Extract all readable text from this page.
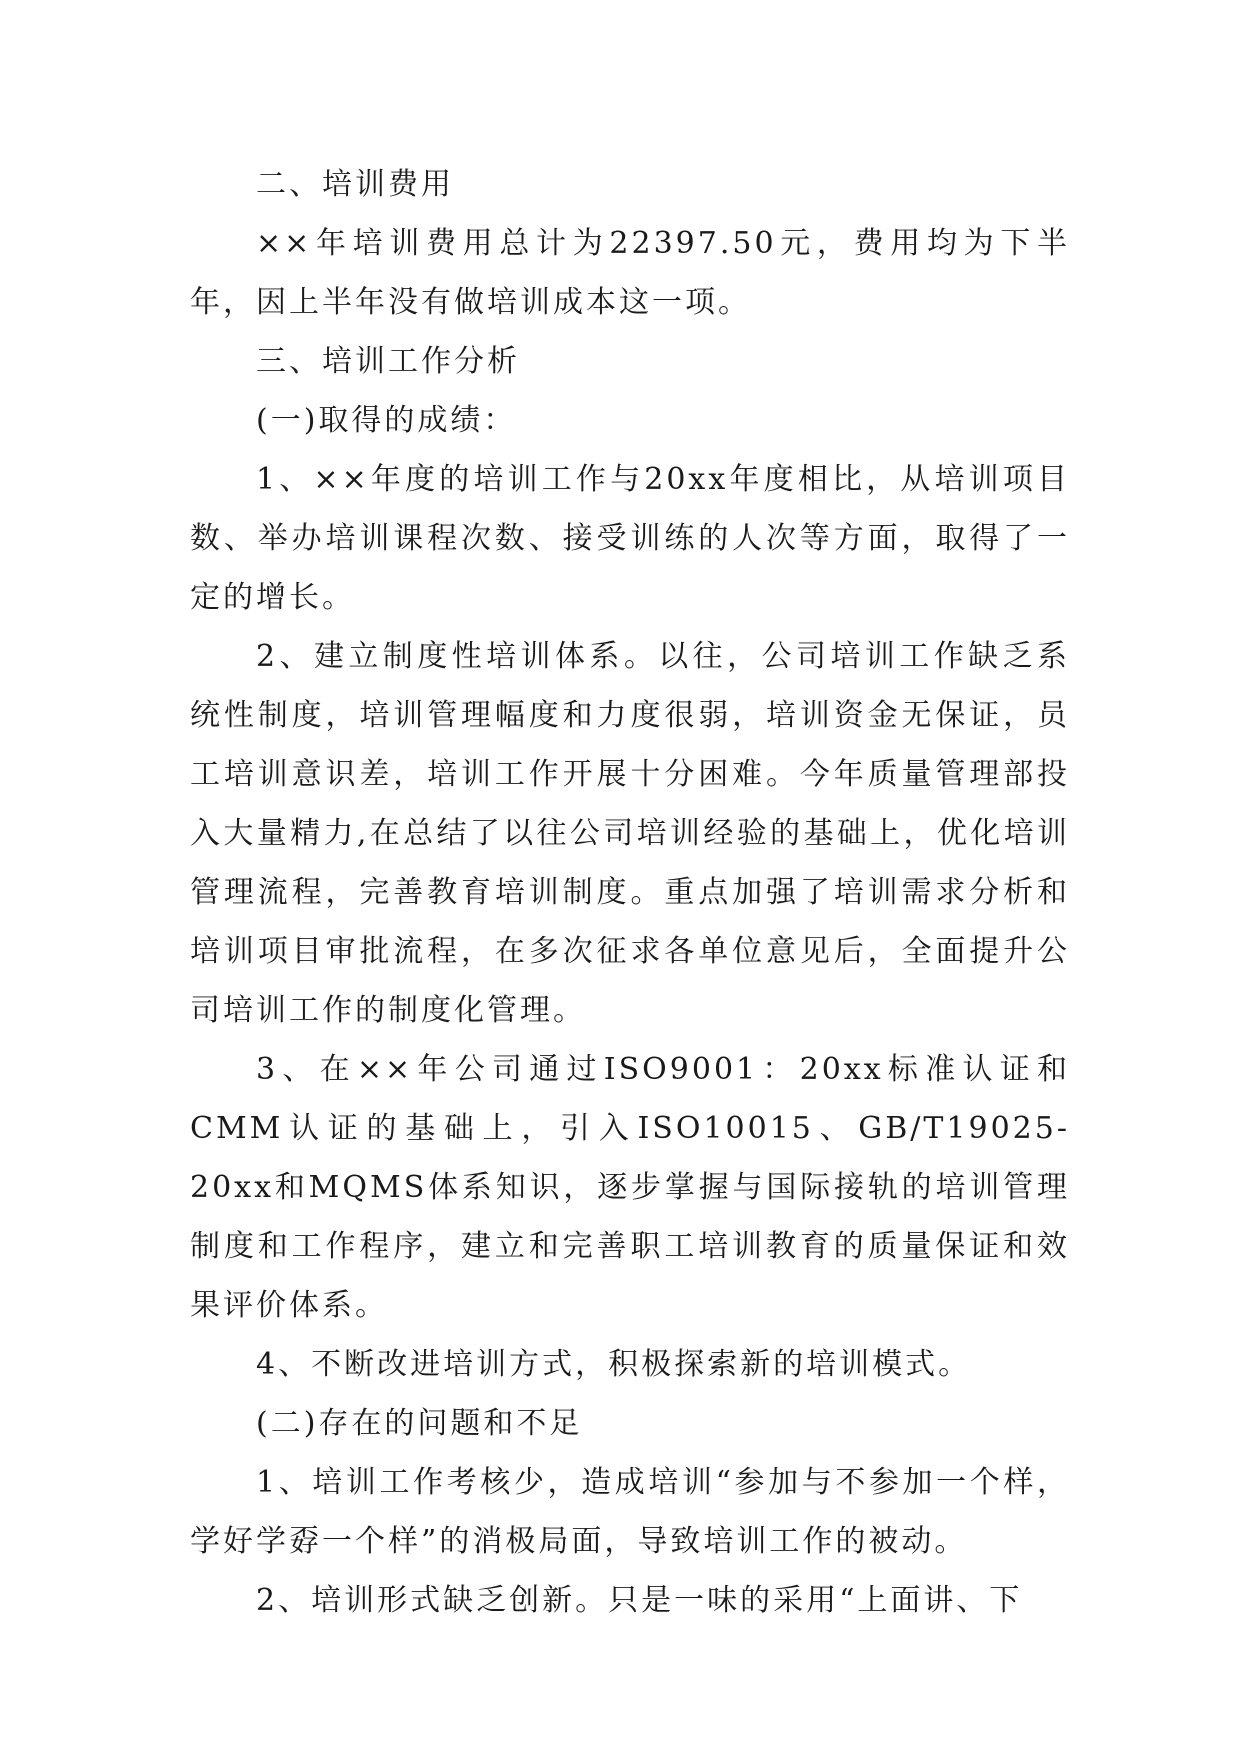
二、培训费用

××年培训费用总计为22397.50元，费用均为下半年，因上半年没有做培训成本这一项。

三、培训工作分析

(一)取得的成绩：

1、××年度的培训工作与20xx年度相比，从培训项目数、举办培训课程次数、接受训练的人次等方面，取得了一定的增长。

2、建立制度性培训体系。以往，公司培训工作缺乏系统性制度，培训管理幅度和力度很弱，培训资金无保证，员工培训意识差，培训工作开展十分困难。今年质量管理部投入大量精力,在总结了以往公司培训经验的基础上，优化培训管理流程，完善教育培训制度。重点加强了培训需求分析和培训项目审批流程，在多次征求各单位意见后，全面提升公司培训工作的制度化管理。

3、在××年公司通过ISO9001：20xx标准认证和CMM认证的基础上，引入ISO10015、GB/T19025-20xx和MQMS体系知识，逐步掌握与国际接轨的培训管理制度和工作程序，建立和完善职工培训教育的质量保证和效果评价体系。

4、不断改进培训方式，积极探索新的培训模式。

(二)存在的问题和不足

1、培训工作考核少，造成培训“参加与不参加一个样，学好学孬一个样”的消极局面，导致培训工作的被动。

2、培训形式缺乏创新。只是一味的采用“上面讲、下
